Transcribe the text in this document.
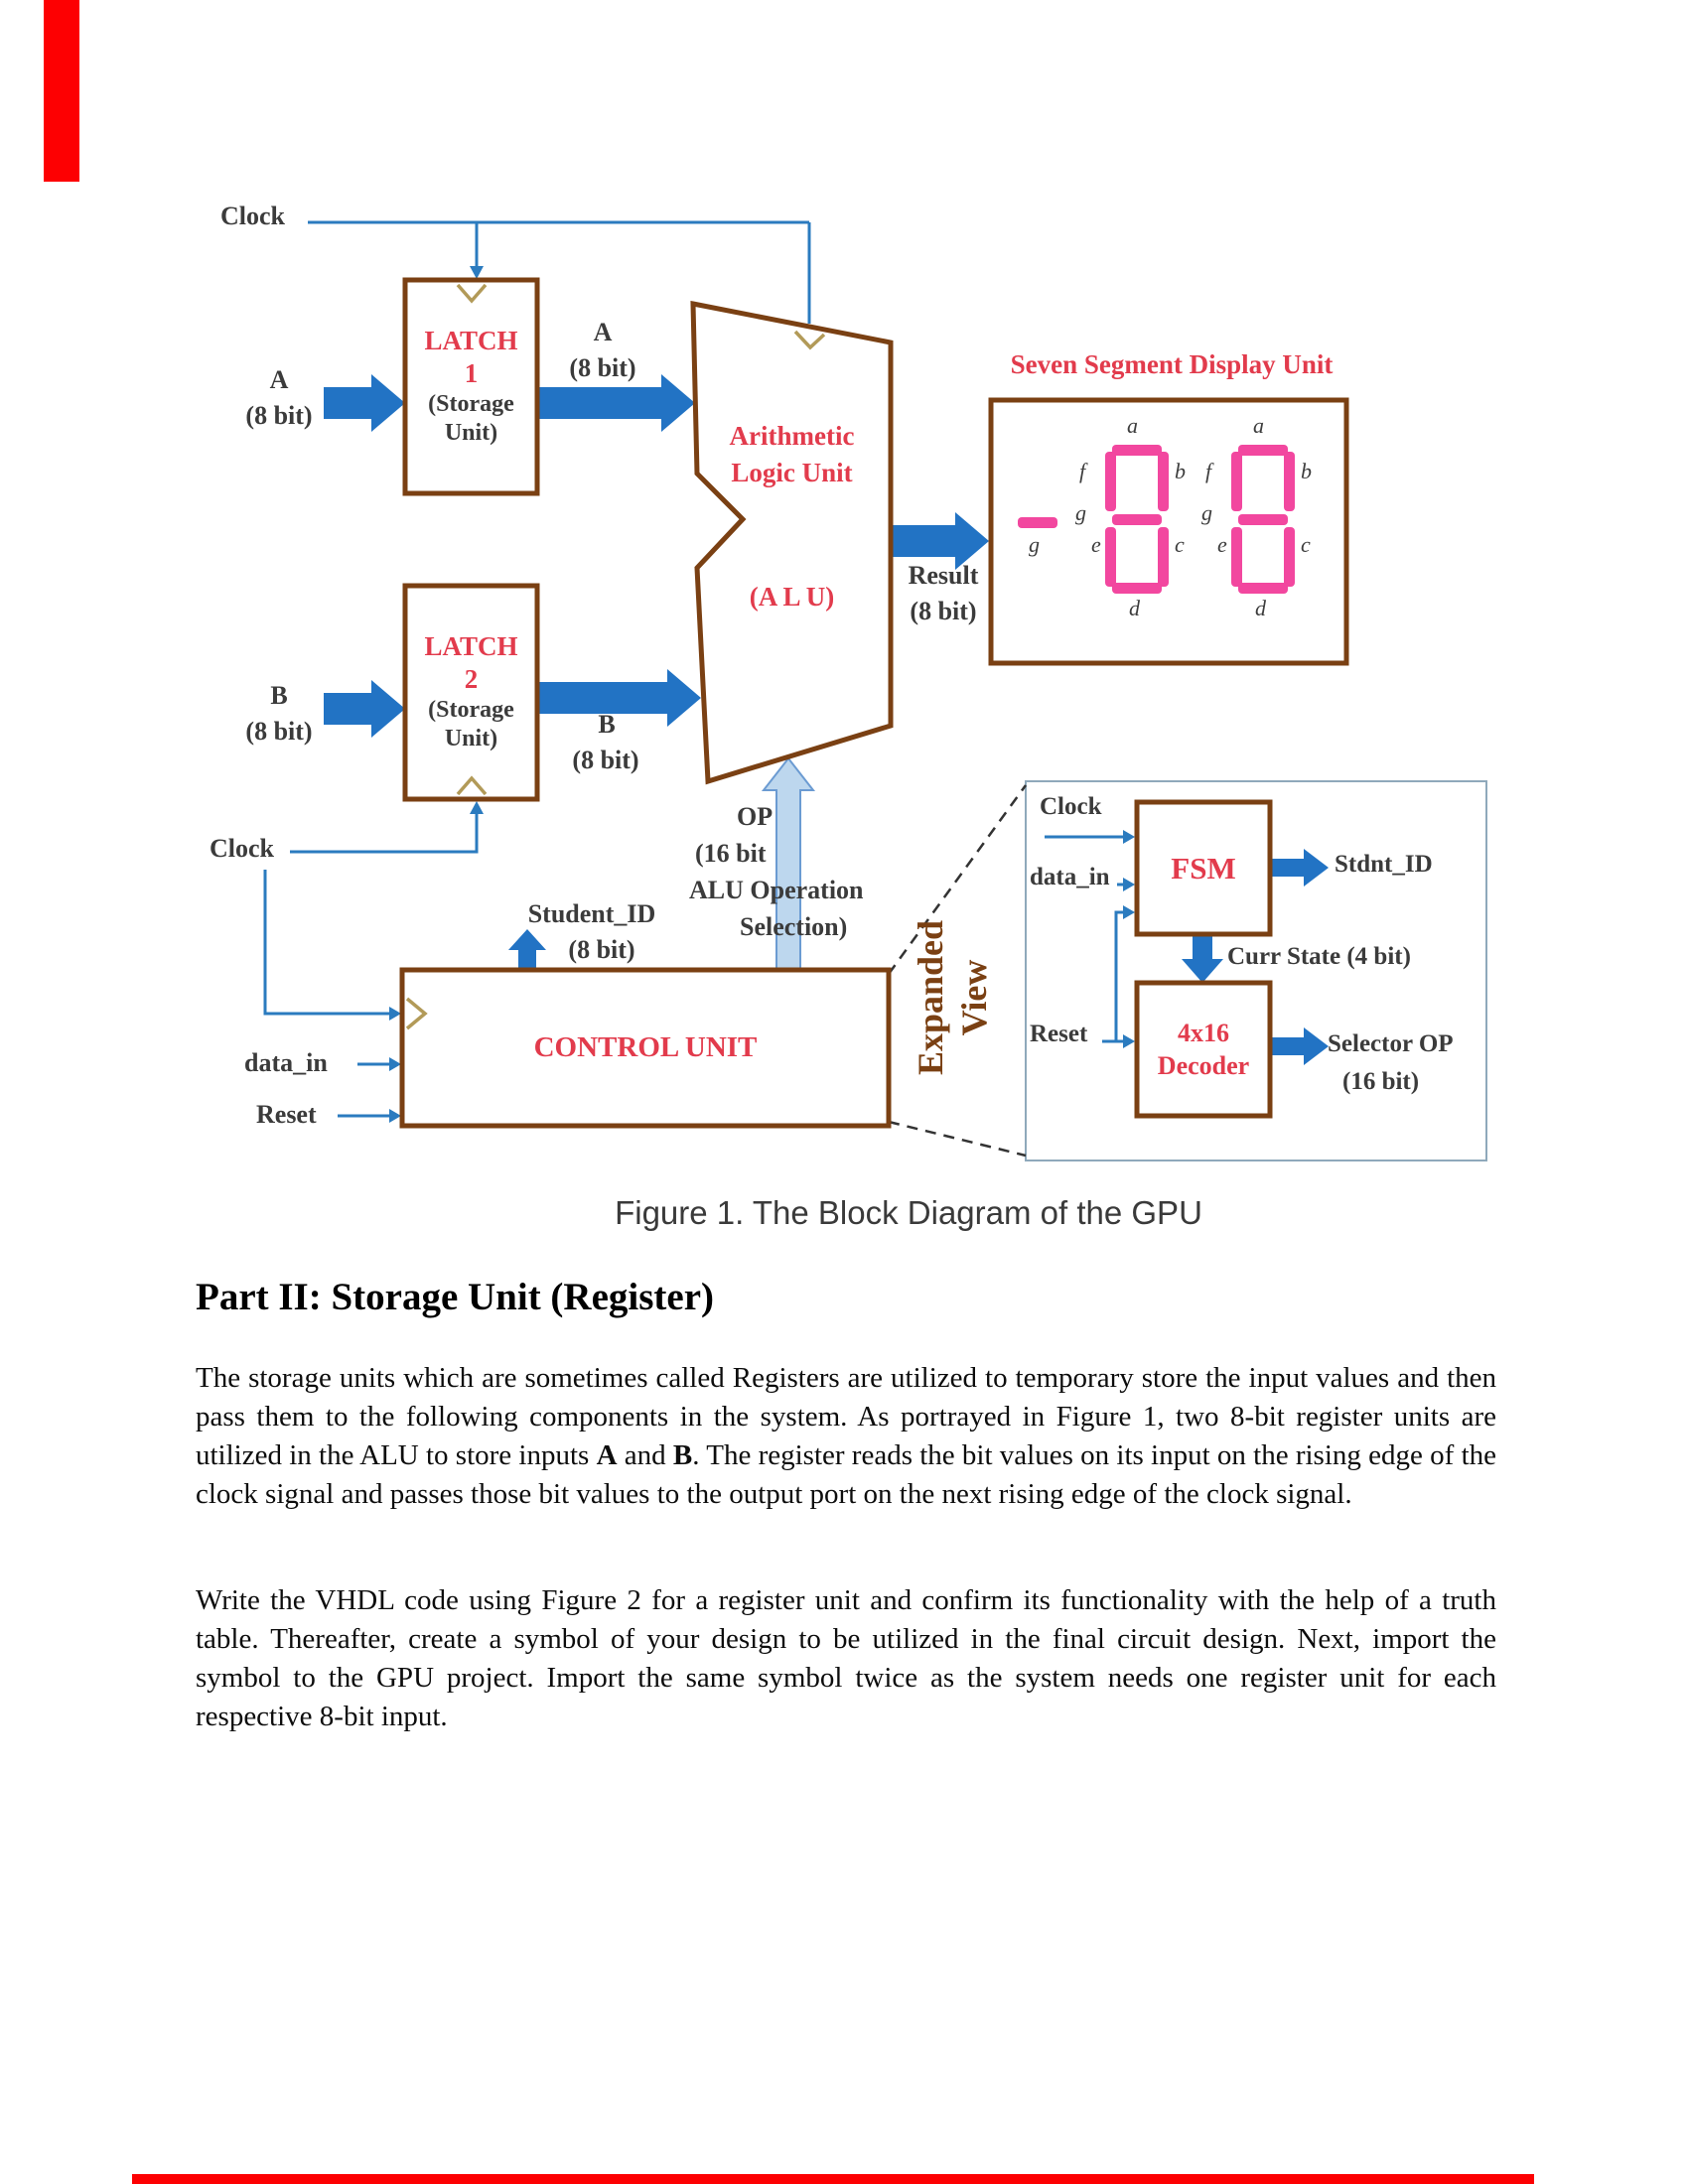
Clock
A
(8 bit)
LATCH
1
(Storage
Unit)
A
(8 bit)
Arithmetic
Logic Unit
(A L U)
Result
(8 bit)
Seven Segment Display Unit
g
a
f	b
g
e	c
d
a
f	b
g
e	c
d
B
(8 bit)
LATCH
2
(Storage
Unit)	B
(8 bit)
Clock
OP
(16 bit
ALU Operation
Selection)
Student_ID
(8 bit)
CONTROL UNIT
data_in
Reset
Expanded View
Clock
data_in FSM	Stdnt_ID
Curr State (4 bit)
Reset	4x16
Decoder
Selector OP
(16 bit)
Figure 1. The Block Diagram of the GPU
Part II: Storage Unit (Register)

The storage units which are sometimes called Registers are utilized to temporary store the input values and then pass them to the following components in the system. As portrayed in Figure 1, two 8-bit register units are utilized in the ALU to store inputs A and B. The register reads the bit values on its input on the rising edge of the clock signal and passes those bit values to the output port on the next rising edge of the clock signal.

Write the VHDL code using Figure 2 for a register unit and confirm its functionality with the help of a truth table. Thereafter, create a symbol of your design to be utilized in the final circuit design. Next, import the symbol to the GPU project. Import the same symbol twice as the system needs one register unit for each respective 8-bit input.
